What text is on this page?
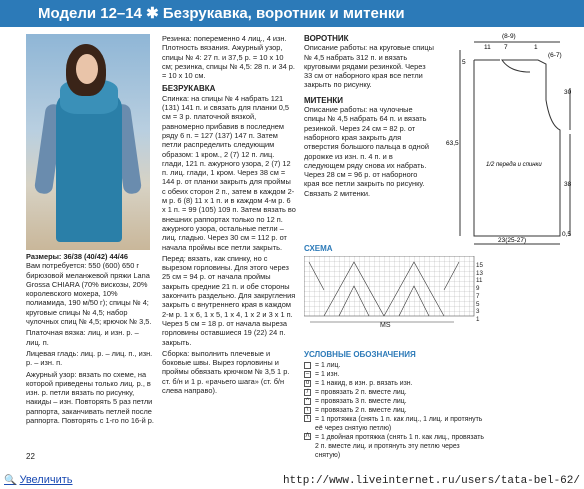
Модели 12–14 ✱ Безрукавка, воротник и митенки

Размеры: 36/38 (40/42) 44/46

Вам потребуется: 550 (600) 650 г бирюзовой меланжевой пряжи Lana Grossa CHIARA (70% вискозы, 20% королевского мохера, 10% полиамида, 190 м/50 г); спицы № 4; круговые спицы № 4,5; набор чулочных спиц № 4,5; крючок № 3,5.

Платочная вязка: лиц. и изн. р. – лиц. п.

Лицевая гладь: лиц. р. – лиц. п., изн. р. – изн. п.

Ажурный узор: вязать по схеме, на которой приведены только лиц. р., в изн. р. петли вязать по рисунку, накиды – изн. Повторять 5 раз петли раппорта, заканчивать петлей после раппорта. Повторять с 1-го по 16-й р.

Резинка: попеременно 4 лиц., 4 изн.

Плотность вязания. Ажурный узор, спицы № 4: 27 п. и 37,5 р. = 10 x 10 см; резинка, спицы № 4,5: 28 п. и 34 р. = 10 x 10 см.

БЕЗРУКАВКА

Спинка: на спицы № 4 набрать 121 (131) 141 п. и связать для планки 0,5 см = 3 р. платочной вязкой, равномерно прибавив в последнем ряду 6 п. = 127 (137) 147 п. Затем петли распределить следующим образом: 1 кром., 2 (7) 12 п. лиц. глади, 121 п. ажурного узора, 2 (7) 12 п. лиц. глади, 1 кром. Через 38 см = 144 р. от планки закрыть для проймы с обеих сторон 2 п., затем в каждом 2-м р. 6 (8) 11 x 1 п. и в каждом 4-м р. 6 x 1 п. = 99 (105) 109 п. Затем вязать во внешних раппортах только по 12 п. ажурного узора, остальные петли – лиц. гладью. Через 30 см = 112 р. от начала проймы все петли закрыть.

Перед: вязать, как спинку, но с вырезом горловины. Для этого через 25 см = 94 р. от начала проймы закрыть средние 21 п. и обе стороны закончить раздельно. Для закругления закрыть с внутреннего края в каждом 2-м р. 1 x 6, 1 x 5, 1 x 4, 1 x 2 и 3 x 1 п. Через 5 см = 18 р. от начала выреза горловины оставшиеся 19 (22) 24 п. закрыть.

Сборка: выполнить плечевые и боковые швы. Вырез горловины и проймы обвязать крючком № 3,5 1 р. ст. б/н и 1 р. «рачьего шага» (ст. б/н слева направо).

ВОРОТНИК

Описание работы: на круговые спицы № 4,5 набрать 312 п. и вязать круговыми рядами резинкой. Через 33 см от наборного края все петли закрыть по рисунку.

МИТЕНКИ

Описание работы: на чулочные спицы № 4,5 набрать 64 п. и вязать резинкой. Через 24 см = 82 р. от наборного края закрыть для отверстия большого пальца в одной дорожке из изн. п. 4 п. и в следующем ряду снова их набрать. Через 28 см = 96 р. от наборного края все петли закрыть по рисунку. Связать 2 митенки.

(8-9)
11 7	1
(6-7)
5
30
63,5
38
1/2 переда и спинки
23(25-27)
0,5
СХЕМА
MS
15
13
11
9
7
5
3
1
УСЛОВНЫЕ ОБОЗНАЧЕНИЯ
= 1 лиц.
– = 1 изн.
o = 1 накид, в изн. р. вязать изн.
/ = провязать 2 п. вместе лиц.
^ = провязать 3 п. вместе лиц.
\ = провязать 2 п. вместе лиц.
\ = 1 протяжка (снять 1 п. как лиц., 1 лиц. и протянуть её через снятую петлю)
Λ = 1 двойная протяжка (снять 1 п. как лиц., провязать 2 п. вместе лиц. и протянуть эту петлю через снятую)
22
🔍 Увеличить	http://www.liveinternet.ru/users/tata-bel-62/
